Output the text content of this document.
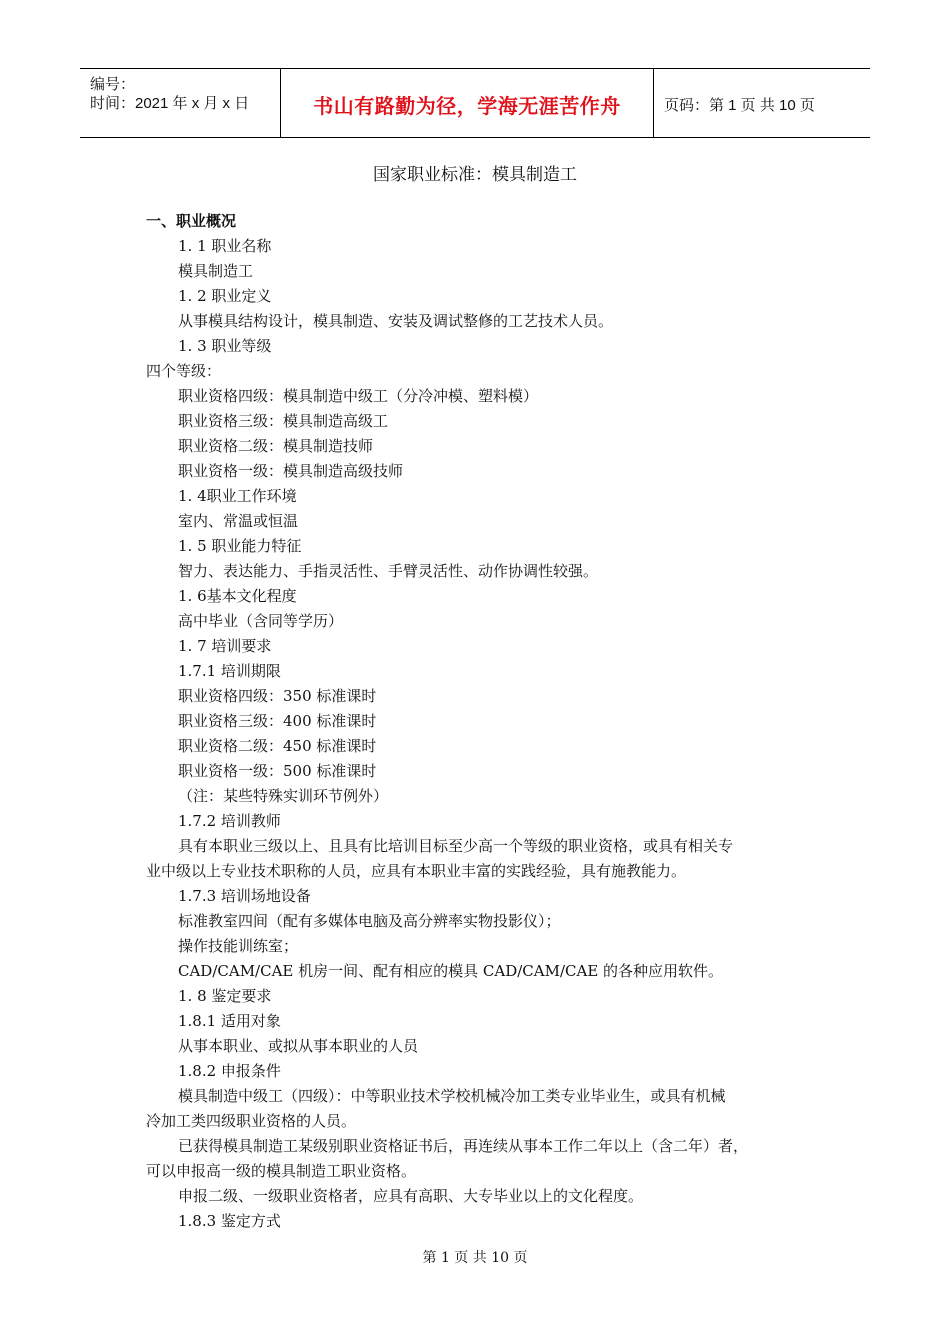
编号：
时间：2021 年 x 月 x 日	书山有路勤为径，学海无涯苦作舟	页码：第 1 页 共 10 页
国家职业标准：模具制造工
一、职业概况
1. 1 职业名称
模具制造工
1. 2 职业定义
从事模具结构设计，模具制造、安装及调试整修的工艺技术人员。
1. 3 职业等级
四个等级：
职业资格四级：模具制造中级工（分冷冲模、塑料模）
职业资格三级：模具制造高级工
职业资格二级：模具制造技师
职业资格一级：模具制造高级技师
1. 4职业工作环境
室内、常温或恒温
1. 5 职业能力特征
智力、表达能力、手指灵活性、手臂灵活性、动作协调性较强。
1. 6基本文化程度
高中毕业（含同等学历）
1. 7 培训要求
1.7.1 培训期限
职业资格四级：350 标准课时
职业资格三级：400 标准课时
职业资格二级：450 标准课时
职业资格一级：500 标准课时
（注：某些特殊实训环节例外）
1.7.2 培训教师
具有本职业三级以上、且具有比培训目标至少高一个等级的职业资格，或具有相关专
业中级以上专业技术职称的人员，应具有本职业丰富的实践经验，具有施教能力。
1.7.3 培训场地设备
标准教室四间（配有多媒体电脑及高分辨率实物投影仪）；
操作技能训练室；
CAD/CAM/CAE 机房一间、配有相应的模具 CAD/CAM/CAE 的各种应用软件。
1. 8 鉴定要求
1.8.1 适用对象
从事本职业、或拟从事本职业的人员
1.8.2 申报条件
模具制造中级工（四级）：中等职业技术学校机械冷加工类专业毕业生，或具有机械
冷加工类四级职业资格的人员。
已获得模具制造工某级别职业资格证书后，再连续从事本工作二年以上（含二年）者，
可以申报高一级的模具制造工职业资格。
申报二级、一级职业资格者，应具有高职、大专毕业以上的文化程度。
1.8.3 鉴定方式
第 1 页 共 10 页
